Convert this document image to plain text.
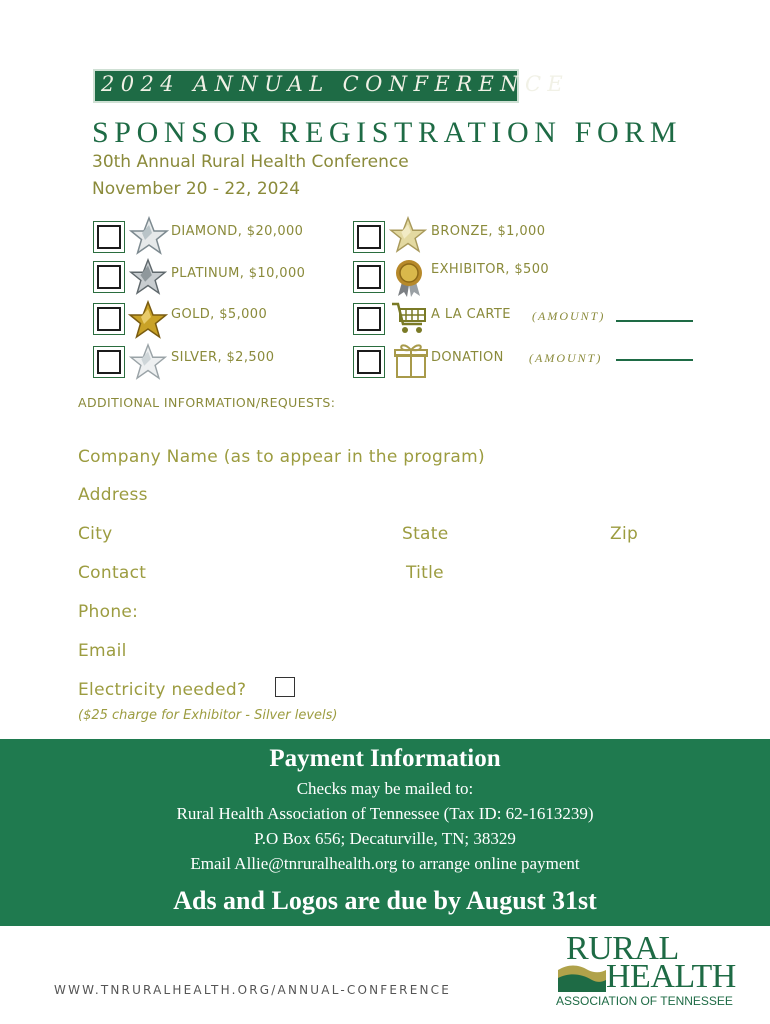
2024 ANNUAL CONFERENCE
SPONSOR REGISTRATION FORM
30th Annual Rural Health Conference
November 20 - 22, 2024
DIAMOND, $20,000
PLATINUM, $10,000
GOLD, $5,000
SILVER, $2,500
BRONZE, $1,000
EXHIBITOR, $500
A LA CARTE (AMOUNT)
DONATION (AMOUNT)
ADDITIONAL INFORMATION/REQUESTS:
Company Name (as to appear in the program)
Address
City	State	Zip
Contact	Title
Phone:
Email
Electricity needed?
($25 charge for Exhibitor - Silver levels)
Payment Information
Checks may be mailed to:
Rural Health Association of Tennessee (Tax ID: 62-1613239)
P.O Box 656; Decaturville, TN; 38329
Email Allie@tnruralhealth.org to arrange online payment
Ads and Logos are due by August 31st
WWW.TNRURALHEALTH.ORG/ANNUAL-CONFERENCE
RURAL
HEALTH
ASSOCIATION OF TENNESSEE
